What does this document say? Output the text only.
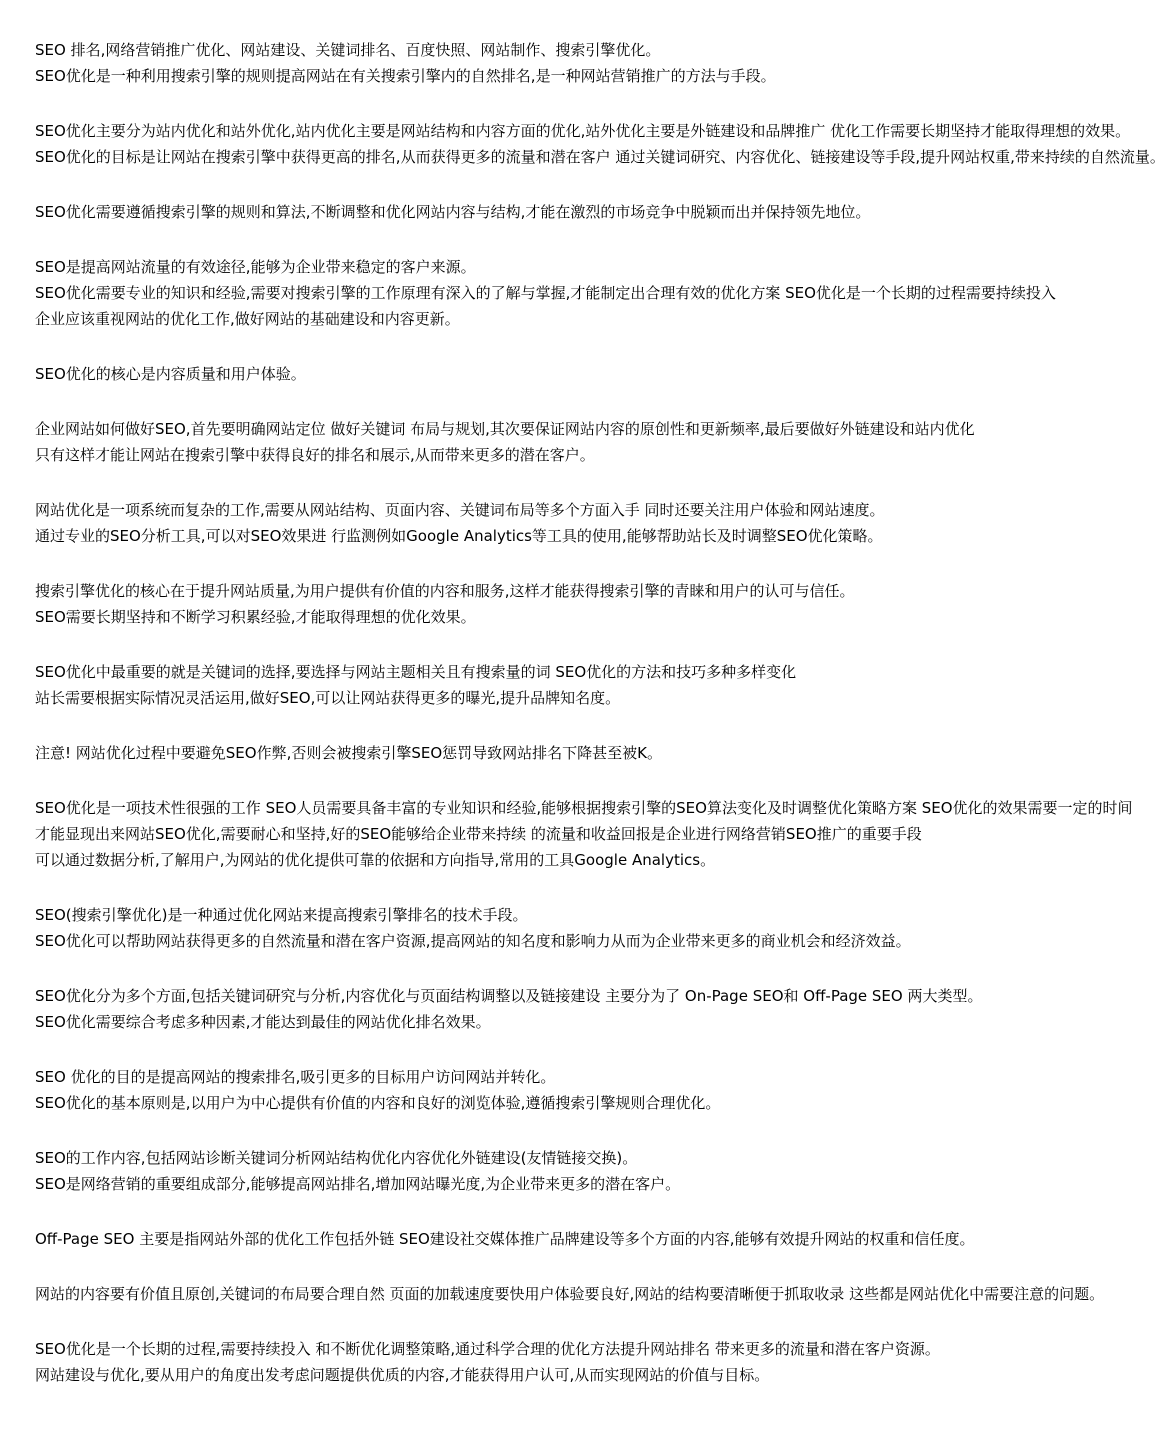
SEO 排名,网络营销推广优化、网站建设、关键词排名、百度快照、网站制作、搜索引擎优化。
SEO优化是一种利用搜索引擎的规则提高网站在有关搜索引擎内的自然排名,是一种网站营销推广的方法与手段。
SEO优化主要分为站内优化和站外优化,站内优化主要是网站结构和内容方面的优化,站外优化主要是外链建设和品牌推广 优化工作需要长期坚持才能取得理想的效果。
SEO优化的目标是让网站在搜索引擎中获得更高的排名,从而获得更多的流量和潜在客户 通过关键词研究、内容优化、链接建设等手段,提升网站权重,带来持续的自然流量。
SEO优化需要遵循搜索引擎的规则和算法,不断调整和优化网站内容与结构,才能在激烈的市场竞争中脱颖而出并保持领先地位。
SEO是提高网站流量的有效途径,能够为企业带来稳定的客户来源。
SEO优化需要专业的知识和经验,需要对搜索引擎的工作原理有深入的了解与掌握,才能制定出合理有效的优化方案 SEO优化是一个长期的过程需要持续投入
企业应该重视网站的优化工作,做好网站的基础建设和内容更新。
SEO优化的核心是内容质量和用户体验。
企业网站如何做好SEO,首先要明确网站定位 做好关键词 布局与规划,其次要保证网站内容的原创性和更新频率,最后要做好外链建设和站内优化
只有这样才能让网站在搜索引擎中获得良好的排名和展示,从而带来更多的潜在客户。
网站优化是一项系统而复杂的工作,需要从网站结构、页面内容、关键词布局等多个方面入手 同时还要关注用户体验和网站速度。
通过专业的SEO分析工具,可以对SEO效果进 行监测例如Google Analytics等工具的使用,能够帮助站长及时调整SEO优化策略。
搜索引擎优化的核心在于提升网站质量,为用户提供有价值的内容和服务,这样才能获得搜索引擎的青睐和用户的认可与信任。
SEO需要长期坚持和不断学习积累经验,才能取得理想的优化效果。
SEO优化中最重要的就是关键词的选择,要选择与网站主题相关且有搜索量的词 SEO优化的方法和技巧多种多样变化
站长需要根据实际情况灵活运用,做好SEO,可以让网站获得更多的曝光,提升品牌知名度。
注意! 网站优化过程中要避免SEO作弊,否则会被搜索引擎SEO惩罚导致网站排名下降甚至被K。
SEO优化是一项技术性很强的工作 SEO人员需要具备丰富的专业知识和经验,能够根据搜索引擎的SEO算法变化及时调整优化策略方案 SEO优化的效果需要一定的时间
才能显现出来网站SEO优化,需要耐心和坚持,好的SEO能够给企业带来持续 的流量和收益回报是企业进行网络营销SEO推广的重要手段
可以通过数据分析,了解用户,为网站的优化提供可靠的依据和方向指导,常用的工具Google Analytics。
SEO(搜索引擎优化)是一种通过优化网站来提高搜索引擎排名的技术手段。
SEO优化可以帮助网站获得更多的自然流量和潜在客户资源,提高网站的知名度和影响力从而为企业带来更多的商业机会和经济效益。
SEO优化分为多个方面,包括关键词研究与分析,内容优化与页面结构调整以及链接建设 主要分为了 On-Page SEO和 Off-Page SEO 两大类型。
SEO优化需要综合考虑多种因素,才能达到最佳的网站优化排名效果。
SEO 优化的目的是提高网站的搜索排名,吸引更多的目标用户访问网站并转化。
SEO优化的基本原则是,以用户为中心提供有价值的内容和良好的浏览体验,遵循搜索引擎规则合理优化。
SEO的工作内容,包括网站诊断关键词分析网站结构优化内容优化外链建设(友情链接交换)。
SEO是网络营销的重要组成部分,能够提高网站排名,增加网站曝光度,为企业带来更多的潜在客户。
Off-Page SEO 主要是指网站外部的优化工作包括外链 SEO建设社交媒体推广品牌建设等多个方面的内容,能够有效提升网站的权重和信任度。
网站的内容要有价值且原创,关键词的布局要合理自然 页面的加载速度要快用户体验要良好,网站的结构要清晰便于抓取收录 这些都是网站优化中需要注意的问题。
SEO优化是一个长期的过程,需要持续投入 和不断优化调整策略,通过科学合理的优化方法提升网站排名 带来更多的流量和潜在客户资源。
网站建设与优化,要从用户的角度出发考虑问题提供优质的内容,才能获得用户认可,从而实现网站的价值与目标。
